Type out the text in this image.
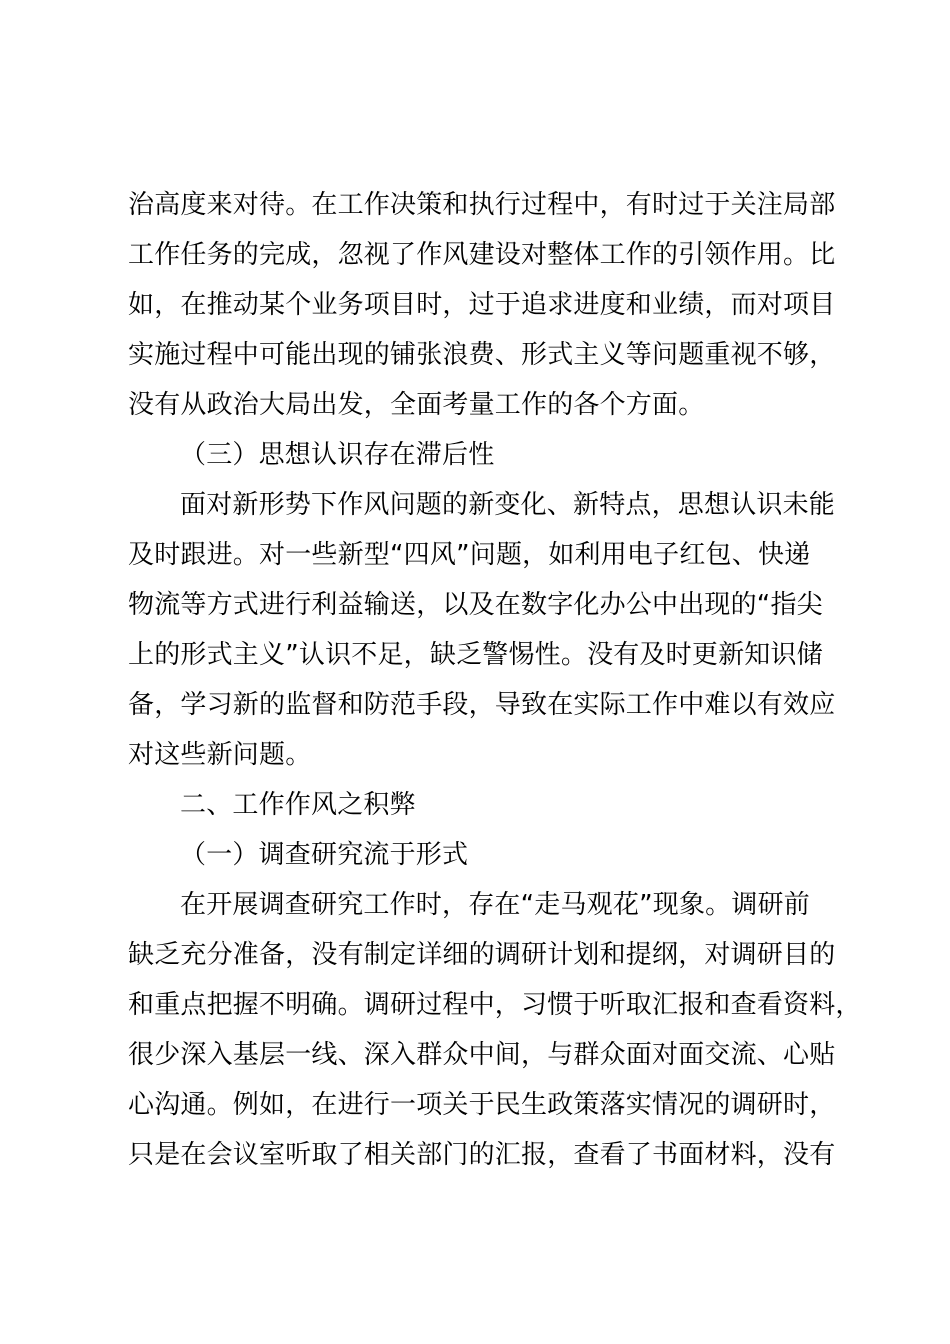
治高度来对待。在工作决策和执行过程中，有时过于关注局部
工作任务的完成，忽视了作风建设对整体工作的引领作用。比
如，在推动某个业务项目时，过于追求进度和业绩，而对项目
实施过程中可能出现的铺张浪费、形式主义等问题重视不够，
没有从政治大局出发，全面考量工作的各个方面。
（三）思想认识存在滞后性
面对新形势下作风问题的新变化、新特点，思想认识未能
及时跟进。对一些新型“四风”问题，如利用电子红包、快递
物流等方式进行利益输送，以及在数字化办公中出现的“指尖
上的形式主义”认识不足，缺乏警惕性。没有及时更新知识储
备，学习新的监督和防范手段，导致在实际工作中难以有效应
对这些新问题。
二、工作作风之积弊
（一）调查研究流于形式
在开展调查研究工作时，存在“走马观花”现象。调研前
缺乏充分准备，没有制定详细的调研计划和提纲，对调研目的
和重点把握不明确。调研过程中，习惯于听取汇报和查看资料，
很少深入基层一线、深入群众中间，与群众面对面交流、心贴
心沟通。例如，在进行一项关于民生政策落实情况的调研时，
只是在会议室听取了相关部门的汇报，查看了书面材料，没有
